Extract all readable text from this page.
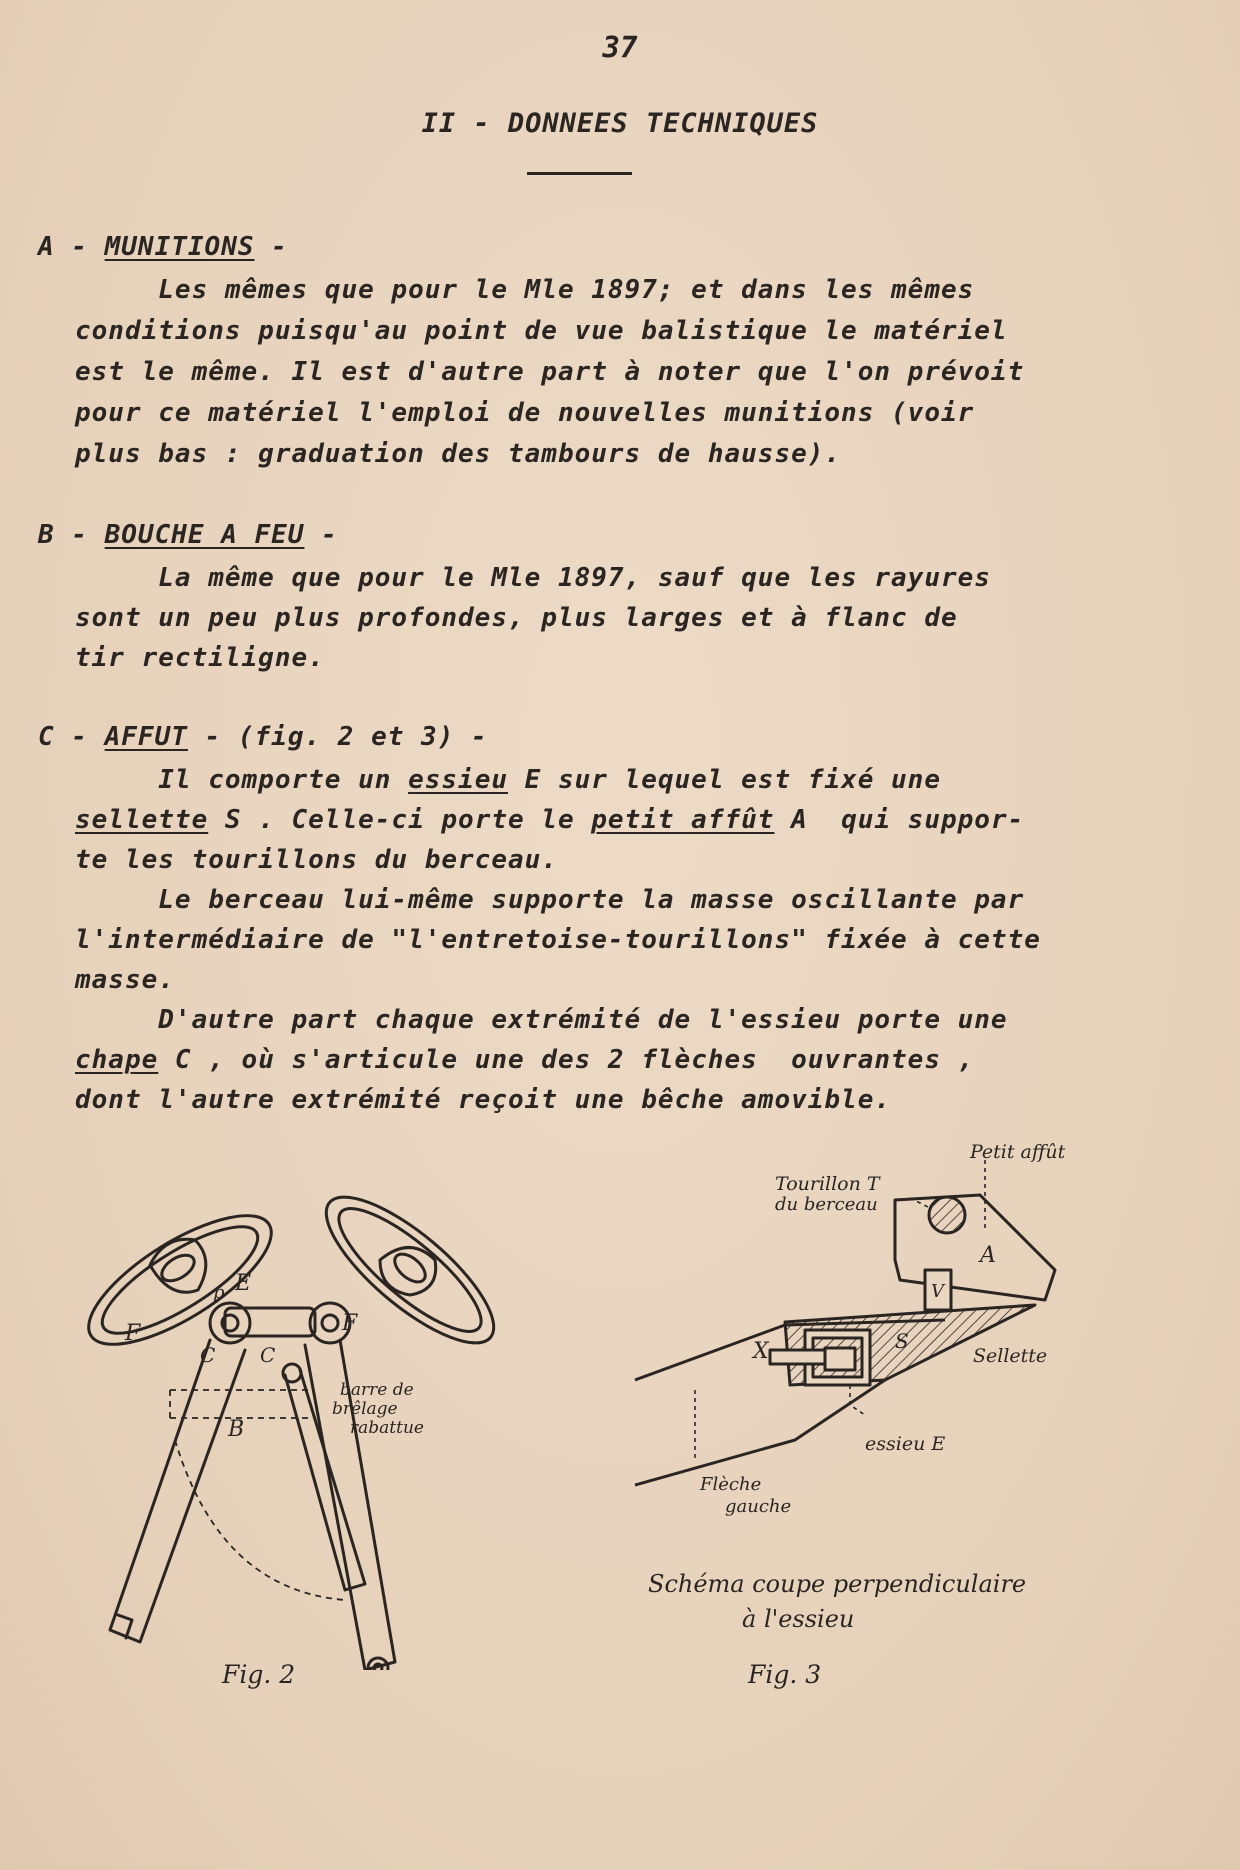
37
II - DONNEES TECHNIQUES
A - MUNITIONS -
Les mêmes que pour le Mle 1897; et dans les mêmes
conditions puisqu'au point de vue balistique le matériel
est le même. Il est d'autre part à noter que l'on prévoit
pour ce matériel l'emploi de nouvelles munitions (voir
plus bas : graduation des tambours de hausse).
B - BOUCHE A FEU -
La même que pour le Mle 1897, sauf que les rayures
sont un peu plus profondes, plus larges et à flanc de
tir rectiligne.
C - AFFUT - (fig. 2 et 3) -
Il comporte un essieu E sur lequel est fixé une
sellette S . Celle-ci porte le petit affût A  qui suppor-
te les tourillons du berceau.
Le berceau lui-même supporte la masse oscillante par
l'intermédiaire de "l'entretoise-tourillons" fixée à cette
masse.
D'autre part chaque extrémité de l'essieu porte une
chape C , où s'articule une des 2 flèches  ouvrantes ,
dont l'autre extrémité reçoit une bêche amovible.
F	F
p E
C C
B
barre de
brêlage
rabattue
Fig. 2
Petit affût
Tourillon T
du berceau
A
V
X	S
Sellette
essieu E
Flèche
gauche
Schéma coupe perpendiculaire
à l'essieu
Fig. 3
